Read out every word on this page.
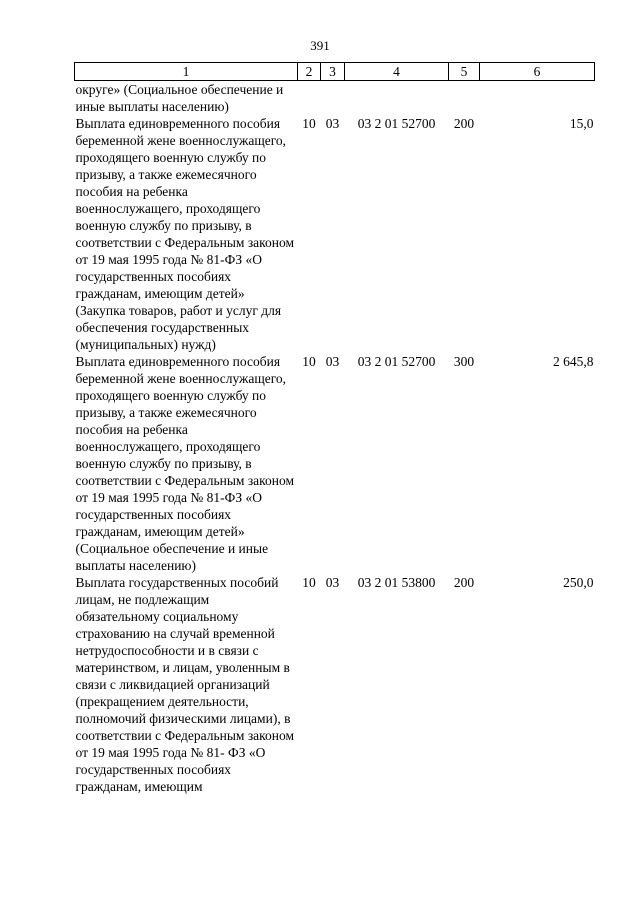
391
1	2	3	4	5	6
округе» (Социальное обеспечение и иные выплаты населению)					
Выплата единовременного пособия беременной жене военнослужащего, проходящего военную службу по призыву, а также ежемесячного пособия на ребенка военнослужащего, проходящего военную службу по призыву, в соответствии с Федеральным законом от 19 мая 1995 года № 81-ФЗ «О государственных пособиях гражданам, имеющим детей» (Закупка товаров, работ и услуг для обеспечения государственных (муниципальных) нужд)	10	03	03 2 01 52700	200	15,0
Выплата единовременного пособия беременной жене военнослужащего, проходящего военную службу по призыву, а также ежемесячного пособия на ребенка военнослужащего, проходящего военную службу по призыву, в соответствии с Федеральным законом от 19 мая 1995 года № 81-ФЗ «О государственных пособиях гражданам, имеющим детей» (Социальное обеспечение и иные выплаты населению)	10	03	03 2 01 52700	300	2 645,8
Выплата государственных пособий лицам, не подлежащим обязательному социальному страхованию на случай временной нетрудоспособности и в связи с материнством, и лицам, уволенным в связи с ликвидацией организаций (прекращением деятельности, полномочий физическими лицами), в соответствии с Федеральным законом от 19 мая 1995 года № 81- ФЗ «О государственных пособиях гражданам, имеющим	10	03	03 2 01 53800	200	250,0
